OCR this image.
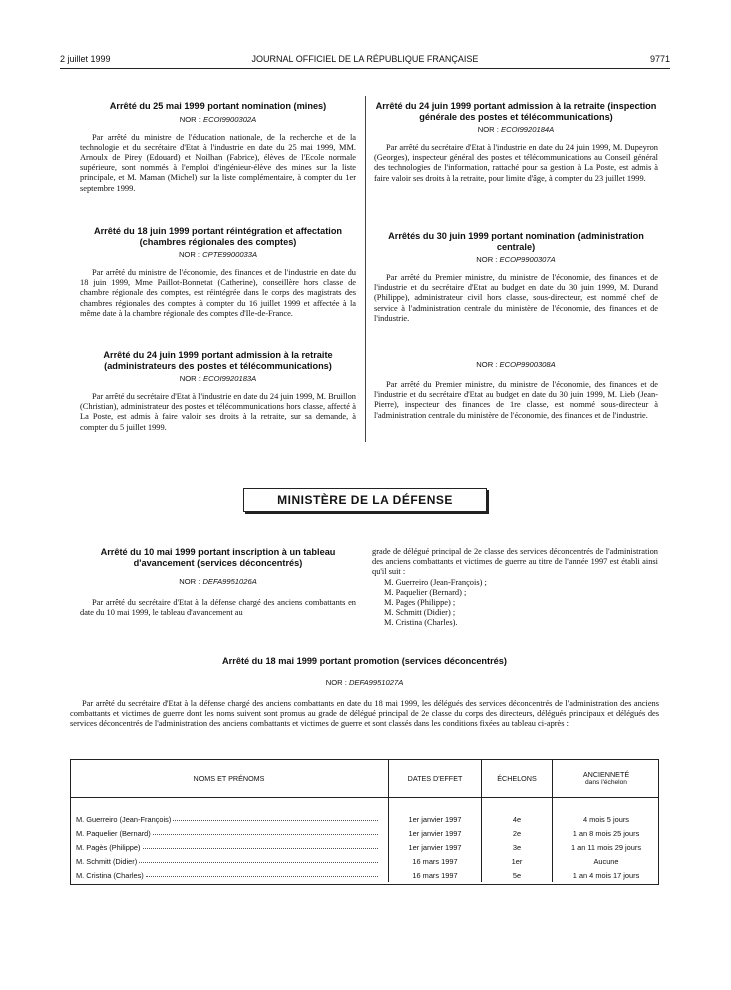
2 juillet 1999	JOURNAL OFFICIEL DE LA RÉPUBLIQUE FRANÇAISE	9771

Arrêté du 25 mai 1999 portant nomination (mines)

NOR : ECOI9900302A

Par arrêté du ministre de l'éducation nationale, de la recherche et de la technologie et du secrétaire d'Etat à l'industrie en date du 25 mai 1999, MM. Arnoulx de Pirey (Edouard) et Noilhan (Fabrice), élèves de l'Ecole normale supérieure, sont nommés à l'emploi d'ingénieur-élève des mines sur la liste principale, et M. Maman (Michel) sur la liste complémentaire, à compter du 1er septembre 1999.

Arrêté du 18 juin 1999 portant réintégration et affectation (chambres régionales des comptes)

NOR : CPTE9900033A

Par arrêté du ministre de l'économie, des finances et de l'industrie en date du 18 juin 1999, Mme Paillot-Bonnetat (Catherine), conseillère hors classe de chambre régionale des comptes, est réintégrée dans le corps des magistrats des chambres régionales des comptes à compter du 16 juillet 1999 et affectée à la même date à la chambre régionale des comptes d'Ile-de-France.

Arrêté du 24 juin 1999 portant admission à la retraite (administrateurs des postes et télécommunications)

NOR : ECOI9920183A

Par arrêté du secrétaire d'Etat à l'industrie en date du 24 juin 1999, M. Bruillon (Christian), administrateur des postes et télécommunications hors classe, affecté à La Poste, est admis à faire valoir ses droits à la retraite, sur sa demande, à compter du 5 juillet 1999.

Arrêté du 24 juin 1999 portant admission à la retraite (inspection générale des postes et télécommunications)

NOR : ECOI9920184A

Par arrêté du secrétaire d'Etat à l'industrie en date du 24 juin 1999, M. Dupeyron (Georges), inspecteur général des postes et télécommunications au Conseil général des technologies de l'information, rattaché pour sa gestion à La Poste, est admis à faire valoir ses droits à la retraite, pour limite d'âge, à compter du 23 juillet 1999.

Arrêtés du 30 juin 1999 portant nomination (administration centrale)

NOR : ECOP9900307A

Par arrêté du Premier ministre, du ministre de l'économie, des finances et de l'industrie et du secrétaire d'Etat au budget en date du 30 juin 1999, M. Durand (Philippe), administrateur civil hors classe, sous-directeur, est nommé chef de service à l'administration centrale du ministère de l'économie, des finances et de l'industrie.

NOR : ECOP9900308A

Par arrêté du Premier ministre, du ministre de l'économie, des finances et de l'industrie et du secrétaire d'Etat au budget en date du 30 juin 1999, M. Lieb (Jean-Pierre), inspecteur des finances de 1re classe, est nommé sous-directeur à l'administration centrale du ministère de l'économie, des finances et de l'industrie.

MINISTÈRE DE LA DÉFENSE

Arrêté du 10 mai 1999 portant inscription à un tableau d'avancement (services déconcentrés)

NOR : DEFA9951026A

Par arrêté du secrétaire d'Etat à la défense chargé des anciens combattants en date du 10 mai 1999, le tableau d'avancement au

grade de délégué principal de 2e classe des services déconcentrés de l'administration des anciens combattants et victimes de guerre au titre de l'année 1997 est établi ainsi qu'il suit :

M. Guerreiro (Jean-François) ;

M. Paquelier (Bernard) ;

M. Pages (Philippe) ;

M. Schmitt (Didier) ;

M. Cristina (Charles).

Arrêté du 18 mai 1999 portant promotion (services déconcentrés)

NOR : DEFA9951027A

Par arrêté du secrétaire d'Etat à la défense chargé des anciens combattants en date du 18 mai 1999, les délégués des services déconcentrés de l'administration des anciens combattants et victimes de guerre dont les noms suivent sont promus au grade de délégué principal de 2e classe du corps des directeurs, délégués principaux et délégués des services déconcentrés de l'administration des anciens combattants et victimes de guerre et sont classés dans les conditions fixées au tableau ci-après :

NOMS ET PRÉNOMS	DATES D'EFFET	ÉCHELONS	ANCIENNETÉ
dans l'échelon

M. Guerreiro (Jean-François)	1er janvier 1997	4e	4 mois 5 jours

M. Paquelier (Bernard)	1er janvier 1997	2e	1 an 8 mois 25 jours

M. Pagès (Philippe)	1er janvier 1997	3e	1 an 11 mois 29 jours

M. Schmitt (Didier)	16 mars 1997	1er	Aucune

M. Cristina (Charles)	16 mars 1997	5e	1 an 4 mois 17 jours
